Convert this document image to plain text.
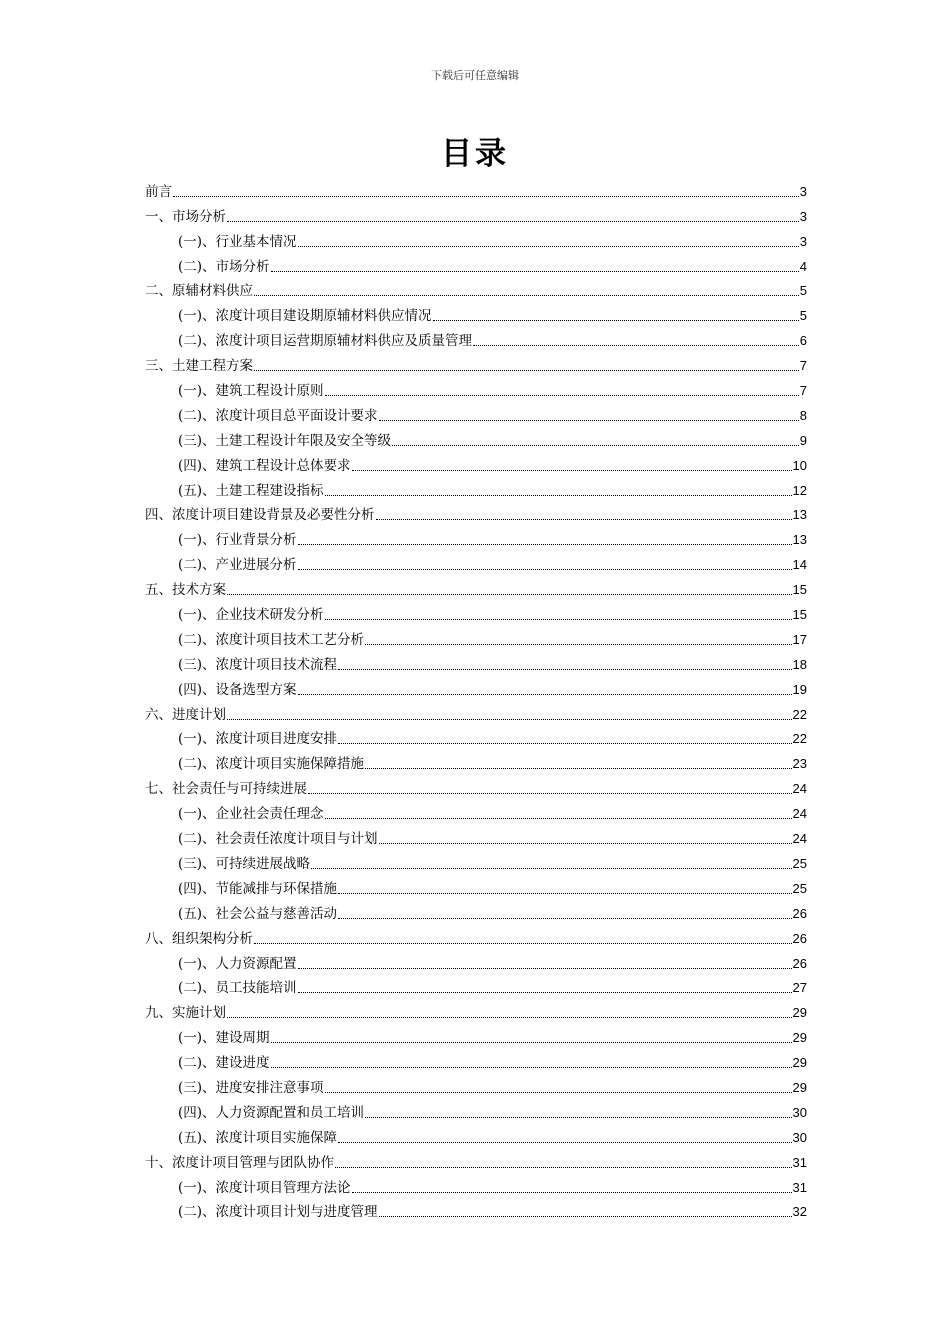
下载后可任意编辑
目录
前言	3
一、市场分析	3
(一)、行业基本情况	3
(二)、市场分析	4
二、原辅材料供应	5
(一)、浓度计项目建设期原辅材料供应情况	5
(二)、浓度计项目运营期原辅材料供应及质量管理	6
三、土建工程方案	7
(一)、建筑工程设计原则	7
(二)、浓度计项目总平面设计要求	8
(三)、土建工程设计年限及安全等级	9
(四)、建筑工程设计总体要求	10
(五)、土建工程建设指标	12
四、浓度计项目建设背景及必要性分析	13
(一)、行业背景分析	13
(二)、产业进展分析	14
五、技术方案	15
(一)、企业技术研发分析	15
(二)、浓度计项目技术工艺分析	17
(三)、浓度计项目技术流程	18
(四)、设备选型方案	19
六、进度计划	22
(一)、浓度计项目进度安排	22
(二)、浓度计项目实施保障措施	23
七、社会责任与可持续进展	24
(一)、企业社会责任理念	24
(二)、社会责任浓度计项目与计划	24
(三)、可持续进展战略	25
(四)、节能减排与环保措施	25
(五)、社会公益与慈善活动	26
八、组织架构分析	26
(一)、人力资源配置	26
(二)、员工技能培训	27
九、实施计划	29
(一)、建设周期	29
(二)、建设进度	29
(三)、进度安排注意事项	29
(四)、人力资源配置和员工培训	30
(五)、浓度计项目实施保障	30
十、浓度计项目管理与团队协作	31
(一)、浓度计项目管理方法论	31
(二)、浓度计项目计划与进度管理	32
